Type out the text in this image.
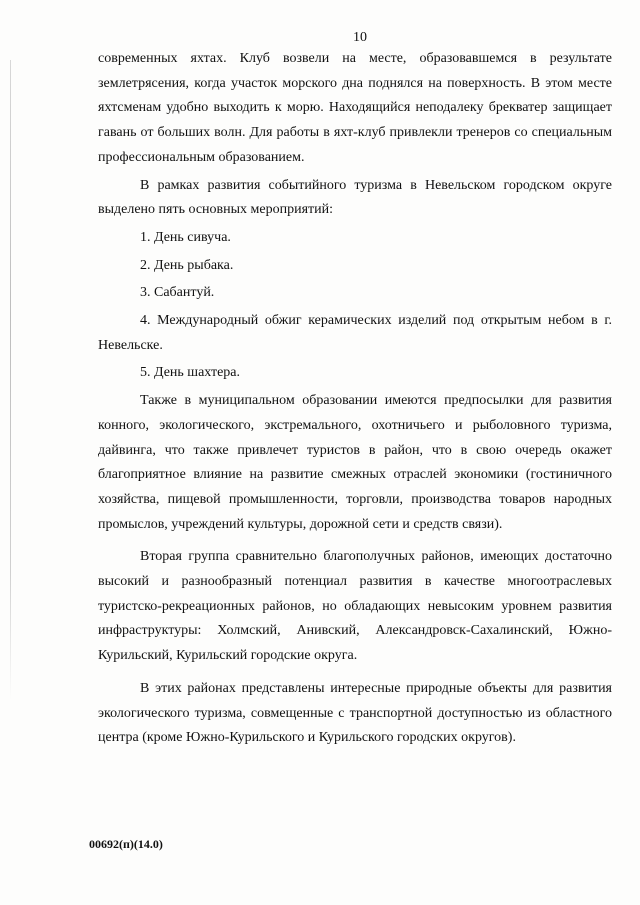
10

современных яхтах. Клуб возвели на месте, образовавшемся в результате землетрясения, когда участок морского дна поднялся на поверхность. В этом месте яхтсменам удобно выходить к морю. Находящийся неподалеку брекватер защищает гавань от больших волн. Для работы в яхт-клуб привлекли тренеров со специальным профессиональным образованием.

В рамках развития событийного туризма в Невельском городском округе выделено пять основных мероприятий:

1. День сивуча.

2. День рыбака.

3. Сабантуй.

4. Международный обжиг керамических изделий под открытым небом в г. Невельске.

5. День шахтера.

Также в муниципальном образовании имеются предпосылки для развития конного, экологического, экстремального, охотничьего и рыболовного туризма, дайвинга, что также привлечет туристов в район, что в свою очередь окажет благоприятное влияние на развитие смежных отраслей экономики (гостиничного хозяйства, пищевой промышленности, торговли, производства товаров народных промыслов, учреждений культуры, дорожной сети и средств связи).

Вторая группа сравнительно благополучных районов, имеющих достаточно высокий и разнообразный потенциал развития в качестве многоотраслевых туристско-рекреационных районов, но обладающих невысоким уровнем развития инфраструктуры: Холмский, Анивский, Александровск-Сахалинский, Южно-Курильский, Курильский городские округа.

В этих районах представлены интересные природные объекты для развития экологического туризма, совмещенные с транспортной доступностью из областного центра (кроме Южно-Курильского и Курильского городских округов).

00692(п)(14.0)
